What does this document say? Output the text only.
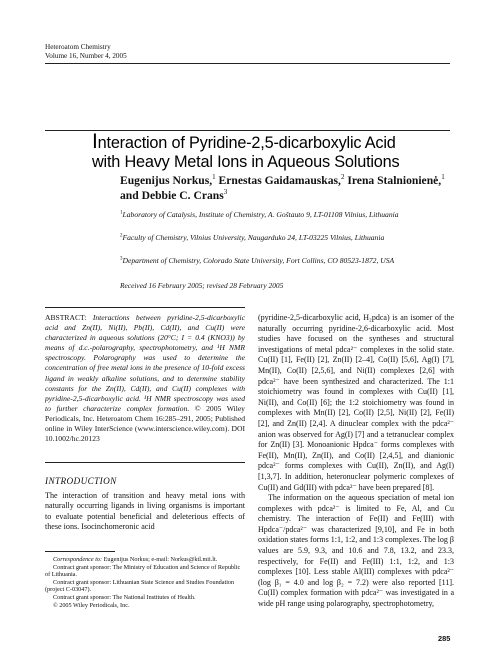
Heteroatom Chemistry
Volume 16, Number 4, 2005
Interaction of Pyridine-2,5-dicarboxylic Acid
with Heavy Metal Ions in Aqueous Solutions
Eugenijus Norkus,$^1$ Ernestas Gaidamauskas,$^2$ Irena Stalnionienė,$^1$
and Debbie C. Crans$^3$
$^1$Laboratory of Catalysis, Institute of Chemistry, A. Goštauto 9, LT-01108 Vilnius, Lithuania
$^2$Faculty of Chemistry, Vilnius University, Naugarduko 24, LT-03225 Vilnius, Lithuania
$^3$Department of Chemistry, Colorado State University, Fort Collins, CO 80523-1872, USA
Received 16 February 2005; revised 28 February 2005
ABSTRACT: Interactions between pyridine-2,5-dicarboxylic acid and Zn(II), Ni(II), Pb(II), Cd(II), and Cu(II) were characterized in aqueous solutions (20°C; I = 0.4 (KNO3)) by means of d.c.-polarography, spectrophotometry, and ¹H NMR spectroscopy. Polarography was used to determine the concentration of free metal ions in the presence of 10-fold excess ligand in weakly alkaline solutions, and to determine stability constants for the Zn(II), Cd(II), and Cu(II) complexes with pyridine-2,5-dicarboxylic acid. ¹H NMR spectroscopy was used to further characterize complex formation. © 2005 Wiley Periodicals, Inc. Heteroatom Chem 16:285–291, 2005; Published online in Wiley InterScience (www.interscience.wiley.com). DOI 10.1002/hc.20123
INTRODUCTION
The interaction of transition and heavy metal ions with naturally occurring ligands in living organisms is important to evaluate potential beneficial and deleterious effects of these ions. Isocinchomeronic acid

(pyridine-2,5-dicarboxylic acid, H₂pdca) is an isomer of the naturally occurring pyridine-2,6-dicarboxylic acid. Most studies have focused on the syntheses and structural investigations of metal pdca²⁻ complexes in the solid state. Cu(II) [1], Fe(II) [2], Zn(II) [2–4], Co(II) [5,6], Ag(I) [7], Mn(II), Co(II) [2,5,6], and Ni(II) complexes [2,6] with pdca²⁻ have been synthesized and characterized. The 1:1 stoichiometry was found in complexes with Cu(II) [1], Ni(II), and Co(II) [6]; the 1:2 stoichiometry was found in complexes with Mn(II) [2], Co(II) [2,5], Ni(II) [2], Fe(II) [2], and Zn(II) [2,4]. A dinuclear complex with the pdca²⁻ anion was observed for Ag(I) [7] and a tetranuclear complex for Zn(II) [3]. Monoanionic Hpdca⁻ forms complexes with Fe(II), Mn(II), Zn(II), and Co(II) [2,4,5], and dianionic pdca²⁻ forms complexes with Cu(II), Zn(II), and Ag(I) [1,3,7]. In addition, heteronuclear polymeric complexes of Cu(II) and Gd(III) with pdca²⁻ have been prepared [8].

The information on the aqueous speciation of metal ion complexes with pdca²⁻ is limited to Fe, Al, and Cu chemistry. The interaction of Fe(II) and Fe(III) with Hpdca⁻/pdca²⁻ was characterized [9,10], and Fe in both oxidation states forms 1:1, 1:2, and 1:3 complexes. The log β values are 5.9, 9.3, and 10.6 and 7.8, 13.2, and 23.3, respectively, for Fe(II) and Fe(III) 1:1, 1:2, and 1:3 complexes [10]. Less stable Al(III) complexes with pdca²⁻ (log β₁ = 4.0 and log β₂ = 7.2) were also reported [11]. Cu(II) complex formation with pdca²⁻ was investigated in a wide pH range using polarography, spectrophotometry,

Correspondence to: Eugenijus Norkus; e-mail: Norkus@ktl.mii.lt.

Contract grant sponsor: The Ministry of Education and Science of Republic of Lithuania.

Contract grant sponsor: Lithuanian State Science and Studies Foundation (project C-03047).

Contract grant sponsor: The National Institutes of Health.

© 2005 Wiley Periodicals, Inc.

285
